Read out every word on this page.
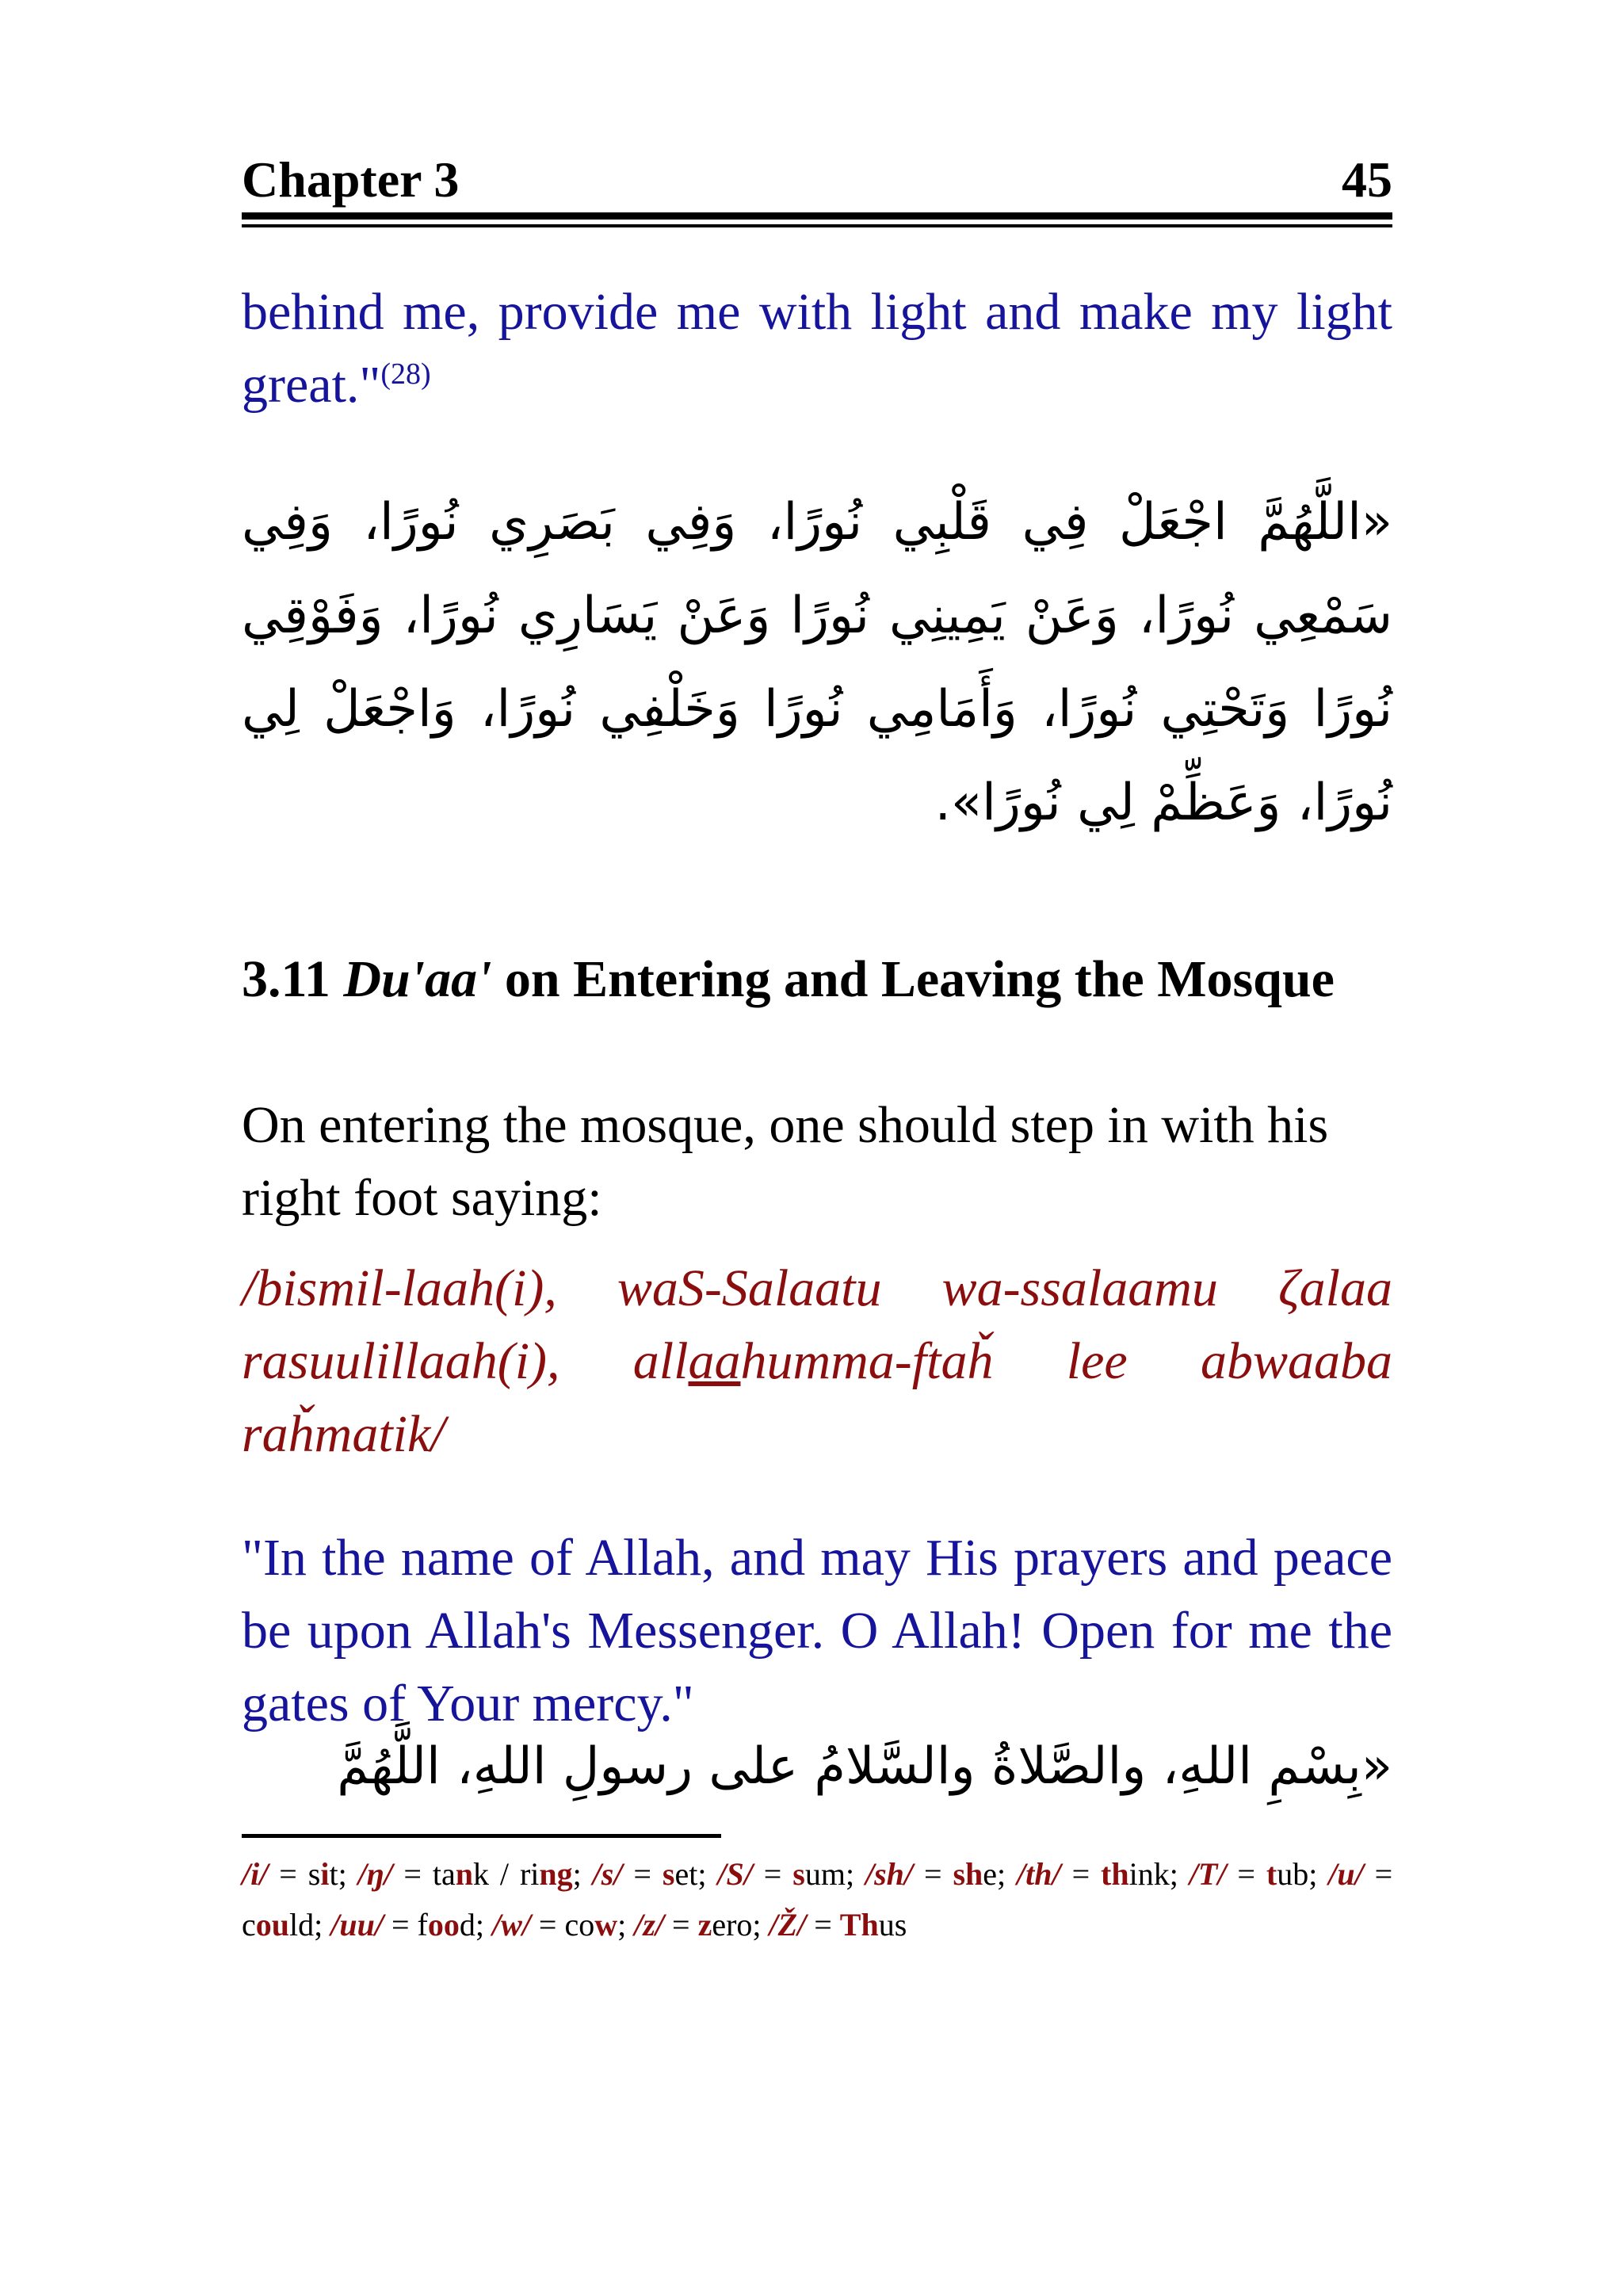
Chapter 3	45
behind me, provide me with light and make my light great."$^{(28)}$
«اللَّهُمَّ اجْعَلْ فِي قَلْبِي نُورًا، وَفِي بَصَرِي نُورًا، وَفِي سَمْعِي نُورًا، وَعَنْ يَمِينِي نُورًا وَعَنْ يَسَارِي نُورًا، وَفَوْقِي نُورًا وَتَحْتِي نُورًا، وَأَمَامِي نُورًا وَخَلْفِي نُورًا، وَاجْعَلْ لِي نُورًا، وَعَظِّمْ لِي نُورًا».
3.11 Du'aa' on Entering and Leaving the Mosque
On entering the mosque, one should step in with his right foot saying:
/bismil-laah(i), waS-Salaatu wa-ssalaamu ζalaa rasuulillaah(i), allaahumma-ftaȟ lee abwaaba raȟmatik/
"In the name of Allah, and may His prayers and peace be upon Allah's Messenger. O Allah! Open for me the gates of Your mercy."
«بِسْمِ اللهِ، والصَّلاةُ والسَّلامُ على رسولِ اللهِ، اللَّهُمَّ
/i/ = sit; /ŋ/ = tank / ring; /s/ = set; /S/ = sum; /sh/ = she; /th/ = think; /T/ = tub; /u/ = could; /uu/ = food; /w/ = cow; /z/ = zero; /Ž/ = Thus
